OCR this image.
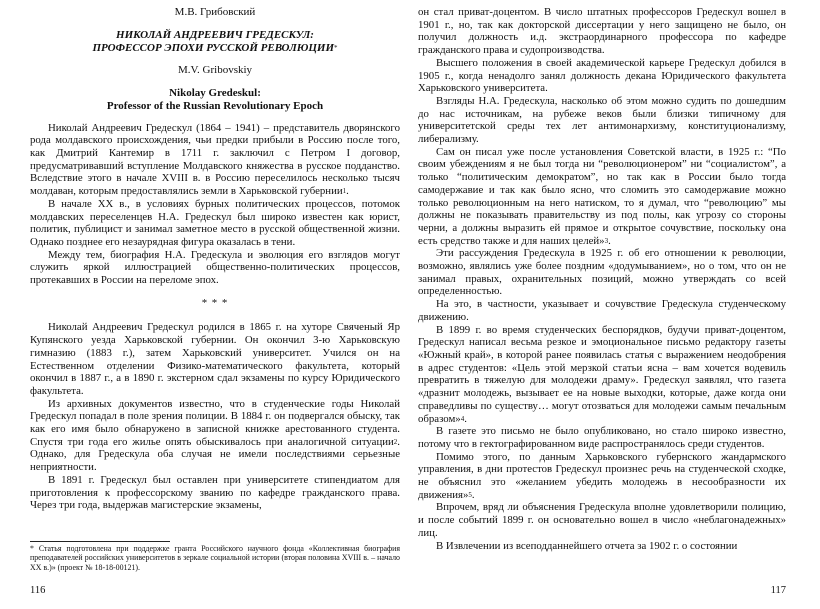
М.В. Грибовский

НИКОЛАЙ АНДРЕЕВИЧ ГРЕДЕСКУЛ:
ПРОФЕССОР ЭПОХИ РУССКОЙ РЕВОЛЮЦИИ*

M.V. Gribovskiy

Nikolay Gredeskul:
Professor of the Russian Revolutionary Epoch

Николай Андреевич Гредескул (1864 – 1941) – представитель дворянского рода молдавского происхождения, чьи предки прибыли в Россию после того, как Дмитрий Кантемир в 1711 г. заключил с Петром I договор, предусматривавший вступление Молдавского княжества в русское подданство. Вследствие этого в начале XVIII в. в Россию переселилось несколько тысяч молдаван, которым предоставлялись земли в Харьковской губернии$^1$.

В начале XX в., в условиях бурных политических процессов, потомок молдавских переселенцев Н.А. Гредескул был широко известен как юрист, политик, публицист и занимал заметное место в русской общественной жизни. Однако позднее его незаурядная фигура оказалась в тени.

Между тем, биография Н.А. Гредескула и эволюция его взглядов могут служить яркой иллюстрацией общественно-политических процессов, протекавших в России на переломе эпох.

* * *

Николай Андреевич Гредескул родился в 1865 г. на хуторе Свяченый Яр Купянского уезда Харьковской губернии. Он окончил 3-ю Харьковскую гимназию (1883 г.), затем Харьковский университет. Учился он на Естественном отделении Физико-математического факультета, который окончил в 1887 г., а в 1890 г. экстерном сдал экзамены по курсу Юридического факультета.

Из архивных документов известно, что в студенческие годы Николай Гредескул попадал в поле зрения полиции. В 1884 г. он подвергался обыску, так как его имя было обнаружено в записной книжке арестованного студента. Спустя три года его жилье опять обыскивалось при аналогичной ситуации$^2$. Однако, для Гредескула оба случая не имели последствиями серьезные неприятности.

В 1891 г. Гредескул был оставлен при университете стипендиатом для приготовления к профессорскому званию по кафедре гражданского права. Через три года, выдержав магистерские экзамены,

* Статья подготовлена при поддержке гранта Российского научного фонда «Коллективная биография преподавателей российских университетов в зеркале социальной истории (вторая половина XVIII в. – начало XX в.)» (проект № 18-18-00121).

116

он стал приват-доцентом. В число штатных профессоров Гредескул вошел в 1901 г., но, так как докторской диссертации у него защищено не было, он получил должность и.д. экстраординарного профессора по кафедре гражданского права и судопроизводства.

Высшего положения в своей академической карьере Гредескул добился в 1905 г., когда ненадолго занял должность декана Юридического факультета Харьковского университета.

Взгляды Н.А. Гредескула, насколько об этом можно судить по дошедшим до нас источникам, на рубеже веков были близки типичному для университетской среды тех лет антимонархизму, конституционализму, либерализму.

Сам он писал уже после установления Советской власти, в 1925 г.: “По своим убеждениям я не был тогда ни “революционером” ни “социалистом”, а только “политическим демократом”, но так как в России было тогда самодержавие и так как было ясно, что сломить это самодержавие можно только революционным на него натиском, то я думал, что “революцию” мы должны не показывать правительству из под полы, как угрозу со стороны черни, а должны выразить ей прямое и открытое сочувствие, поскольку она есть средство также и для наших целей»$^3$.

Эти рассуждения Гредескула в 1925 г. об его отношении к революции, возможно, являлись уже более поздним «додумыванием», но о том, что он не занимал правых, охранительных позиций, можно утверждать со всей определенностью.

На это, в частности, указывает и сочувствие Гредескула студенческому движению.

В 1899 г. во время студенческих беспорядков, будучи приват-доцентом, Гредескул написал весьма резкое и эмоциональное письмо редактору газеты «Южный край», в которой ранее появилась статья с выражением неодобрения в адрес студентов: «Цель этой мерзкой статьи ясна – вам хочется водевиль превратить в тяжелую для молодежи драму». Гредескул заявлял, что газета «дразнит молодежь, вызывает ее на новые выходки, которые, даже когда они справедливы по существу… могут отозваться для молодежи самым печальным образом»$^4$.

В газете это письмо не было опубликовано, но стало широко известно, потому что в гектографированном виде распространялось среди студентов.

Помимо этого, по данным Харьковского губернского жандармского управления, в дни протестов Гредескул произнес речь на студенческой сходке, не объяснил это «желанием убедить молодежь в несообразности их движения»$^5$.

Впрочем, вряд ли объяснения Гредескула вполне удовлетворили полицию, и после событий 1899 г. он основательно вошел в число «неблагонадежных» лиц.

В Извлечении из всеподданнейшего отчета за 1902 г. о состоянии

117
